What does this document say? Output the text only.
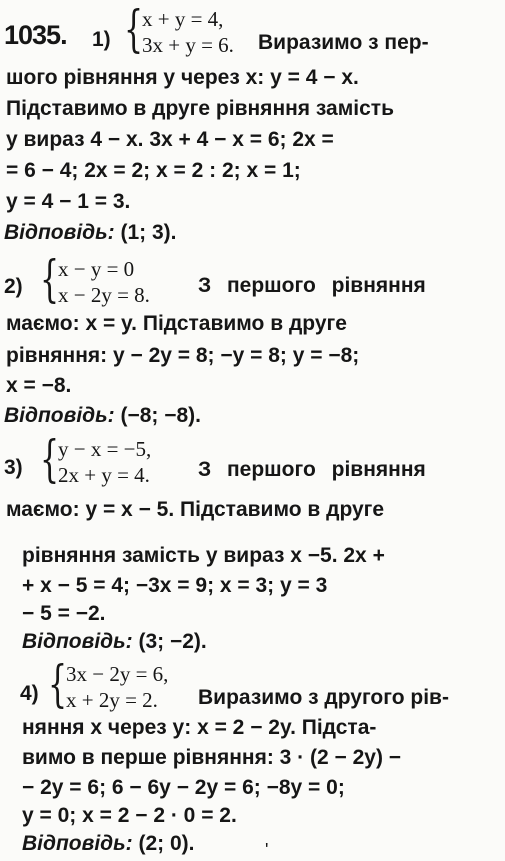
1035. 1) {
x + y = 4,
3x + y = 6. Виразимо з пер-
шого рівняння y через x: y = 4 − x.
Підставимо в друге рівняння замість
y вираз 4 − x. 3x + 4 − x = 6; 2x =
= 6 − 4; 2x = 2; x = 2 : 2; x = 1;
y = 4 − 1 = 3.
Відповідь: (1; 3).
2) {
x − y = 0
x − 2y = 8. З першого рівняння
маємо: x = y. Підставимо в друге
рівняння: y − 2y = 8; −y = 8; y = −8;
x = −8.
Відповідь: (−8; −8).
3) {
y − x = −5,
2x + y = 4. З першого рівняння
маємо: y = x − 5. Підставимо в друге
рівняння замість y вираз x −5. 2x +
+ x − 5 = 4; −3x = 9; x = 3; y = 3
− 5 = −2.
Відповідь: (3; −2).
4) {
3x − 2y = 6,
x + 2y = 2. Виразимо з другого рів-
няння x через y: x = 2 − 2y. Підста-
вимо в перше рівняння: 3 · (2 − 2y) −
− 2y = 6; 6 − 6y − 2y = 6; −8y = 0;
y = 0; x = 2 − 2 · 0 = 2.
Відповідь: (2; 0).	'
